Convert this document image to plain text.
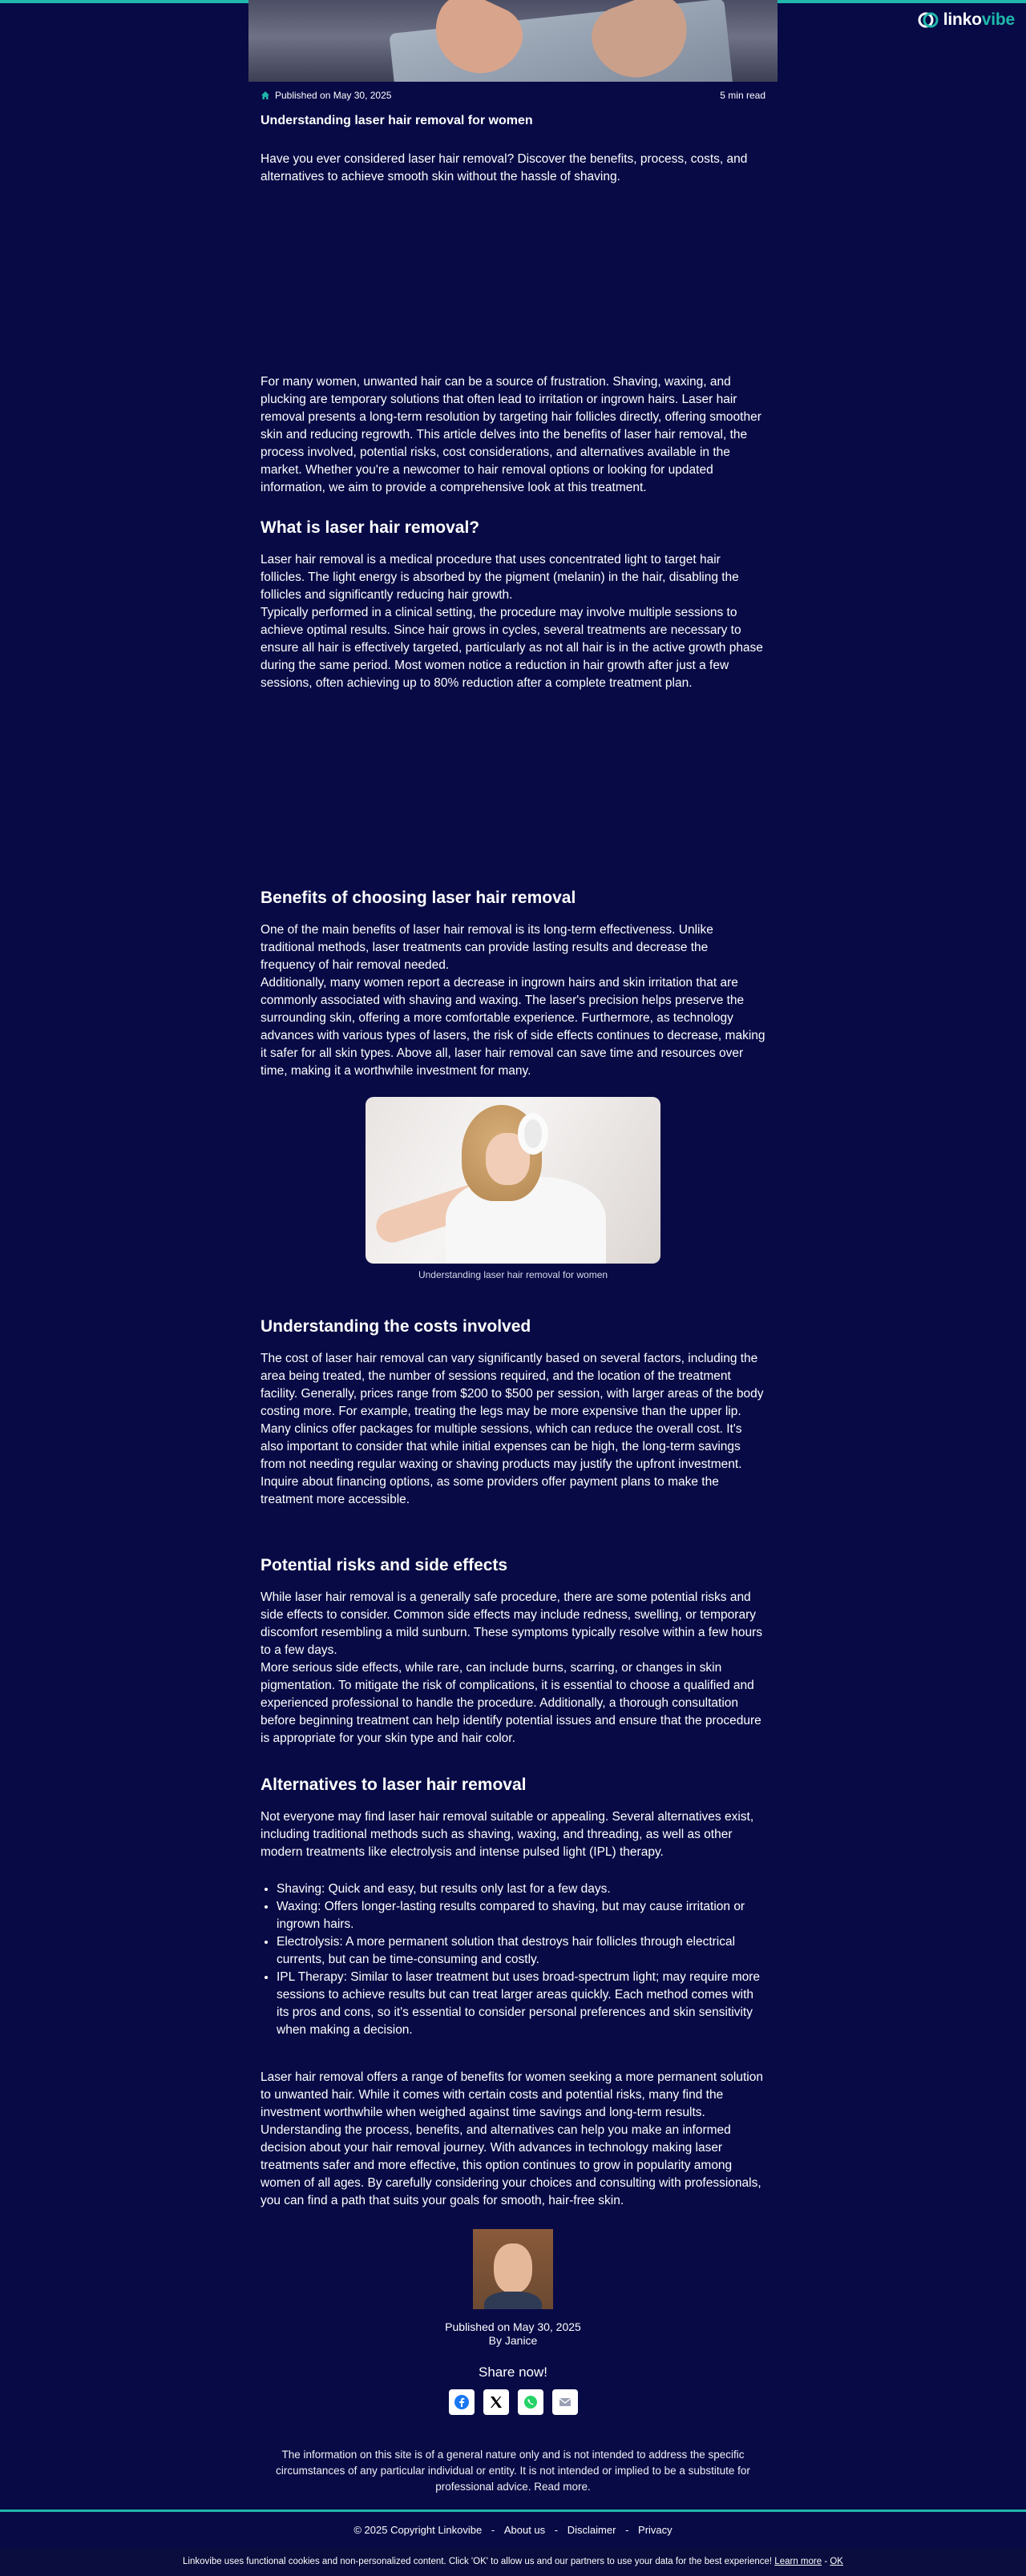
linkovibe
Published on May 30, 2025	5 min read
Understanding laser hair removal for women

Have you ever considered laser hair removal? Discover the benefits, process, costs, and alternatives to achieve smooth skin without the hassle of shaving.

For many women, unwanted hair can be a source of frustration. Shaving, waxing, and plucking are temporary solutions that often lead to irritation or ingrown hairs. Laser hair removal presents a long-term resolution by targeting hair follicles directly, offering smoother skin and reducing regrowth. This article delves into the benefits of laser hair removal, the process involved, potential risks, cost considerations, and alternatives available in the market. Whether you're a newcomer to hair removal options or looking for updated information, we aim to provide a comprehensive look at this treatment.

What is laser hair removal?

Laser hair removal is a medical procedure that uses concentrated light to target hair follicles. The light energy is absorbed by the pigment (melanin) in the hair, disabling the follicles and significantly reducing hair growth.

Typically performed in a clinical setting, the procedure may involve multiple sessions to achieve optimal results. Since hair grows in cycles, several treatments are necessary to ensure all hair is effectively targeted, particularly as not all hair is in the active growth phase during the same period. Most women notice a reduction in hair growth after just a few sessions, often achieving up to 80% reduction after a complete treatment plan.

Benefits of choosing laser hair removal

One of the main benefits of laser hair removal is its long-term effectiveness. Unlike traditional methods, laser treatments can provide lasting results and decrease the frequency of hair removal needed.

Additionally, many women report a decrease in ingrown hairs and skin irritation that are commonly associated with shaving and waxing. The laser's precision helps preserve the surrounding skin, offering a more comfortable experience. Furthermore, as technology advances with various types of lasers, the risk of side effects continues to decrease, making it safer for all skin types. Above all, laser hair removal can save time and resources over time, making it a worthwhile investment for many.

Understanding laser hair removal for women
Understanding the costs involved

The cost of laser hair removal can vary significantly based on several factors, including the area being treated, the number of sessions required, and the location of the treatment facility. Generally, prices range from $200 to $500 per session, with larger areas of the body costing more. For example, treating the legs may be more expensive than the upper lip.

Many clinics offer packages for multiple sessions, which can reduce the overall cost. It's also important to consider that while initial expenses can be high, the long-term savings from not needing regular waxing or shaving products may justify the upfront investment. Inquire about financing options, as some providers offer payment plans to make the treatment more accessible.

Potential risks and side effects

While laser hair removal is a generally safe procedure, there are some potential risks and side effects to consider. Common side effects may include redness, swelling, or temporary discomfort resembling a mild sunburn. These symptoms typically resolve within a few hours to a few days.

More serious side effects, while rare, can include burns, scarring, or changes in skin pigmentation. To mitigate the risk of complications, it is essential to choose a qualified and experienced professional to handle the procedure. Additionally, a thorough consultation before beginning treatment can help identify potential issues and ensure that the procedure is appropriate for your skin type and hair color.

Alternatives to laser hair removal

Not everyone may find laser hair removal suitable or appealing. Several alternatives exist, including traditional methods such as shaving, waxing, and threading, as well as other modern treatments like electrolysis and intense pulsed light (IPL) therapy.

• Shaving: Quick and easy, but results only last for a few days.
• Waxing: Offers longer-lasting results compared to shaving, but may cause irritation or ingrown hairs.
• Electrolysis: A more permanent solution that destroys hair follicles through electrical currents, but can be time-consuming and costly.
• IPL Therapy: Similar to laser treatment but uses broad-spectrum light; may require more sessions to achieve results but can treat larger areas quickly. Each method comes with its pros and cons, so it's essential to consider personal preferences and skin sensitivity when making a decision.

Laser hair removal offers a range of benefits for women seeking a more permanent solution to unwanted hair. While it comes with certain costs and potential risks, many find the investment worthwhile when weighed against time savings and long-term results. Understanding the process, benefits, and alternatives can help you make an informed decision about your hair removal journey. With advances in technology making laser treatments safer and more effective, this option continues to grow in popularity among women of all ages. By carefully considering your choices and consulting with professionals, you can find a path that suits your goals for smooth, hair-free skin.

Published on May 30, 2025
By Janice
Share now!

The information on this site is of a general nature only and is not intended to address the specific circumstances of any particular individual or entity. It is not intended or implied to be a substitute for professional advice. Read more.

© 2025 Copyright Linkovibe - About us - Disclaimer - Privacy
Linkovibe uses functional cookies and non-personalized content. Click 'OK' to allow us and our partners to use your data for the best experience! Learn more - OK
